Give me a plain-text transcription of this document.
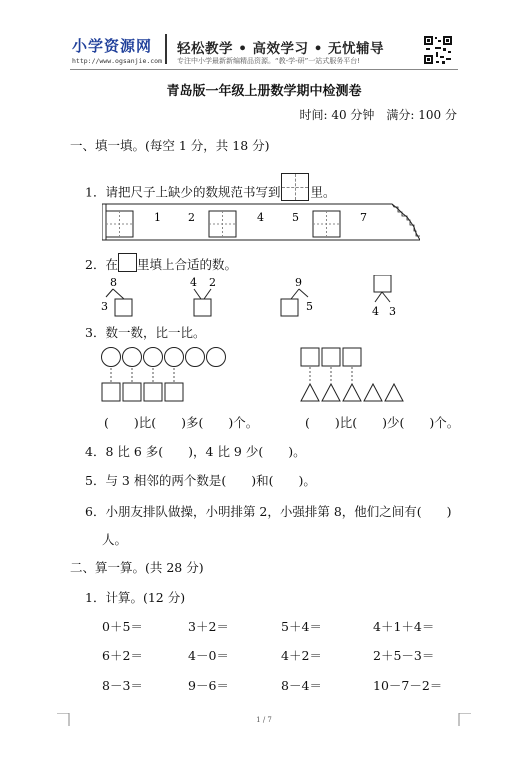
小学资源网
http://www.ogsanjie.com
轻松教学 • 高效学习 • 无忧辅导
专注中小学最新新编精品资源。“教-学-研”一站式服务平台!
青岛版一年级上册数学期中检测卷
时间: 40 分钟　满分: 100 分
一、填一填。(每空 1 分，共 18 分)
1．请把尺子上缺少的数规范书写到 里。
1 2	4	5	7
2．在 里填上合适的数。
8
3
4 2	9
5	4 3
3．数一数，比一比。
(　　)比(　　)多(　　)个。	(　　)比(　　)少(　　)个。
4．8 比 6 多(　　)，4 比 9 少(　　)。
5．与 3 相邻的两个数是(　　)和(　　)。
6．小朋友排队做操，小明排第 2，小强排第 8，他们之间有(　　)
人。
二、算一算。(共 28 分)
1．计算。(12 分)
0＋5＝	3＋2＝	5＋4＝	4＋1＋4＝
6＋2＝	4－0＝	4＋2＝	2＋5－3＝
8－3＝	9－6＝	8－4＝	10－7－2＝
1 / 7
